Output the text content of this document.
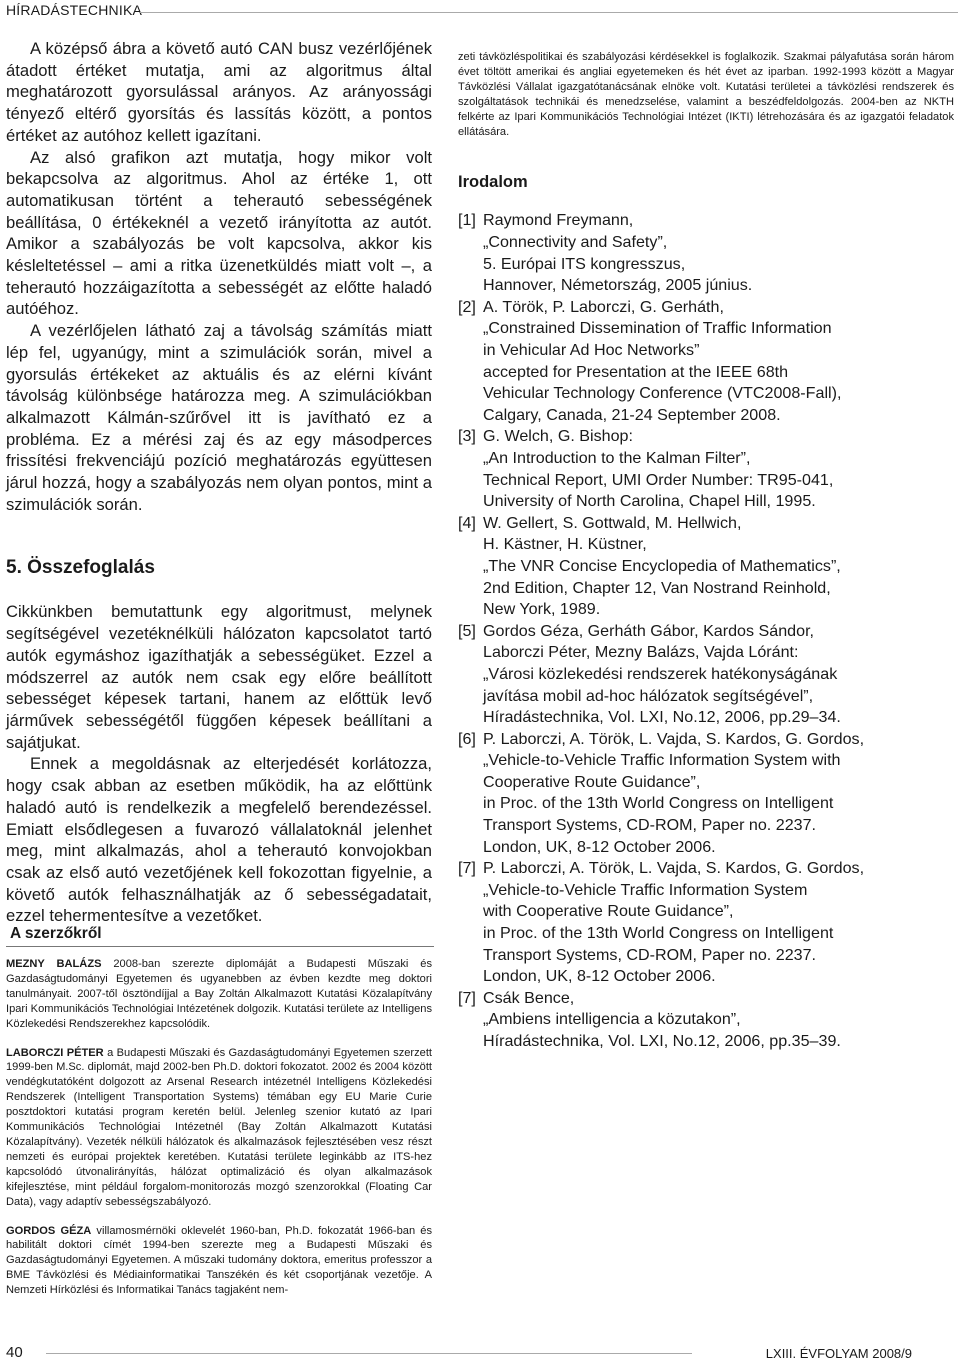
HÍRADÁSTECHNIKA

A középső ábra a követő autó CAN busz vezérlőjének átadott értéket mutatja, ami az algoritmus által meghatározott gyorsulással arányos. Az arányossági tényező eltérő gyorsítás és lassítás között, a pontos értéket az autóhoz kellett igazítani.

Az alsó grafikon azt mutatja, hogy mikor volt bekapcsolva az algoritmus. Ahol az értéke 1, ott automatikusan történt a teherautó sebességének beállítása, 0 értékeknél a vezető irányította az autót. Amikor a szabályozás be volt kapcsolva, akkor kis késleltetéssel – ami a ritka üzenetküldés miatt volt –, a teherautó hozzáigazította a sebességét az előtte haladó autóéhoz.

A vezérlőjelen látható zaj a távolság számítás miatt lép fel, ugyanúgy, mint a szimulációk során, mivel a gyorsulás értékeket az aktuális és az elérni kívánt távolság különbsége határozza meg. A szimulációkban alkalmazott Kálmán-szűrővel itt is javítható ez a probléma. Ez a mérési zaj és az egy másodperces frissítési frekvenciájú pozíció meghatározás együttesen járul hozzá, hogy a szabályozás nem olyan pontos, mint a szimulációk során.

5. Összefoglalás

Cikkünkben bemutattunk egy algoritmust, melynek segítségével vezetéknélküli hálózaton kapcsolatot tartó autók egymáshoz igazíthatják a sebességüket. Ezzel a módszerrel az autók nem csak egy előre beállított sebességet képesek tartani, hanem az előttük levő járművek sebességétől függően képesek beállítani a sajátjukat.

Ennek a megoldásnak az elterjedését korlátozza, hogy csak abban az esetben működik, ha az előttünk haladó autó is rendelkezik a megfelelő berendezéssel. Emiatt elsődlegesen a fuvarozó vállalatoknál jelenhet meg, mint alkalmazás, ahol a teherautó konvojokban csak az első autó vezetőjének kell fokozottan figyelnie, a követő autók felhasználhatják az ő sebességadatait, ezzel tehermentesítve a vezetőket.

A szerzőkről

MEZNY BALÁZS 2008-ban szerezte diplomáját a Budapesti Műszaki és Gazdaságtudományi Egyetemen és ugyanebben az évben kezdte meg doktori tanulmányait. 2007-től ösztöndíjjal a Bay Zoltán Alkalmazott Kutatási Közalapítvány Ipari Kommunikációs Technológiai Intézetének dolgozik. Kutatási területe az Intelligens Közlekedési Rendszerekhez kapcsolódik.

LABORCZI PÉTER a Budapesti Műszaki és Gazdaságtudományi Egyetemen szerzett 1999-ben M.Sc. diplomát, majd 2002-ben Ph.D. doktori fokozatot. 2002 és 2004 között vendégkutatóként dolgozott az Arsenal Research intézetnél Intelligens Közlekedési Rendszerek (Intelligent Transportation Systems) témában egy EU Marie Curie posztdoktori kutatási program keretén belül. Jelenleg szenior kutató az Ipari Kommunikációs Technológiai Intézetnél (Bay Zoltán Alkalmazott Kutatási Közalapítvány). Vezeték nélküli hálózatok és alkalmazások fejlesztésében vesz részt nemzeti és európai projektek keretében. Kutatási területe leginkább az ITS-hez kapcsolódó útvonalirányítás, hálózat optimalizáció és olyan alkalmazások kifejlesztése, mint például forgalom-monitorozás mozgó szenzorokkal (Floating Car Data), vagy adaptív sebességszabályozó.

GORDOS GÉZA villamosmérnöki oklevelét 1960-ban, Ph.D. fokozatát 1966-ban és habilitált doktori címét 1994-ben szerezte meg a Budapesti Műszaki és Gazdaságtudományi Egyetemen. A műszaki tudomány doktora, emeritus professzor a BME Távközlési és Médiainformatikai Tanszékén és két csoportjának vezetője. A Nemzeti Hírközlési és Informatikai Tanács tagjaként nem-

zeti távközléspolitikai és szabályozási kérdésekkel is foglalkozik. Szakmai pályafutása során három évet töltött amerikai és angliai egyetemeken és hét évet az iparban. 1992-1993 között a Magyar Távközlési Vállalat igazgatótanácsának elnöke volt. Kutatási területei a távközlési rendszerek és szolgáltatások technikái és menedzselése, valamint a beszédfeldolgozás. 2004-ben az NKTH felkérte az Ipari Kommunikációs Technológiai Intézet (IKTI) létrehozására és az igazgatói feladatok ellátására.

Irodalom
[1] Raymond Freymann,
„Connectivity and Safety”,
5. Európai ITS kongresszus,
Hannover, Németország, 2005 június.
[2] A. Török, P. Laborczi, G. Gerháth,
„Constrained Dissemination of Traffic Information
in Vehicular Ad Hoc Networks”
accepted for Presentation at the IEEE 68th
Vehicular Technology Conference (VTC2008-Fall),
Calgary, Canada, 21-24 September 2008.
[3] G. Welch, G. Bishop:
„An Introduction to the Kalman Filter”,
Technical Report, UMI Order Number: TR95-041,
University of North Carolina, Chapel Hill, 1995.
[4] W. Gellert, S. Gottwald, M. Hellwich,
H. Kästner, H. Küstner,
„The VNR Concise Encyclopedia of Mathematics”,
2nd Edition, Chapter 12, Van Nostrand Reinhold,
New York, 1989.
[5] Gordos Géza, Gerháth Gábor, Kardos Sándor,
Laborczi Péter, Mezny Balázs, Vajda Lóránt:
„Városi közlekedési rendszerek hatékonyságának
javítása mobil ad-hoc hálózatok segítségével”,
Híradástechnika, Vol. LXI, No.12, 2006, pp.29–34.
[6] P. Laborczi, A. Török, L. Vajda, S. Kardos, G. Gordos,
„Vehicle-to-Vehicle Traffic Information System with
Cooperative Route Guidance”,
in Proc. of the 13th World Congress on Intelligent
Transport Systems, CD-ROM, Paper no. 2237.
London, UK, 8-12 October 2006.
[7] P. Laborczi, A. Török, L. Vajda, S. Kardos, G. Gordos,
„Vehicle-to-Vehicle Traffic Information System
with Cooperative Route Guidance”,
in Proc. of the 13th World Congress on Intelligent
Transport Systems, CD-ROM, Paper no. 2237.
London, UK, 8-12 October 2006.
[7] Csák Bence,
„Ambiens intelligencia a közutakon”,
Híradástechnika, Vol. LXI, No.12, 2006, pp.35–39.
40	LXIII. ÉVFOLYAM 2008/9
